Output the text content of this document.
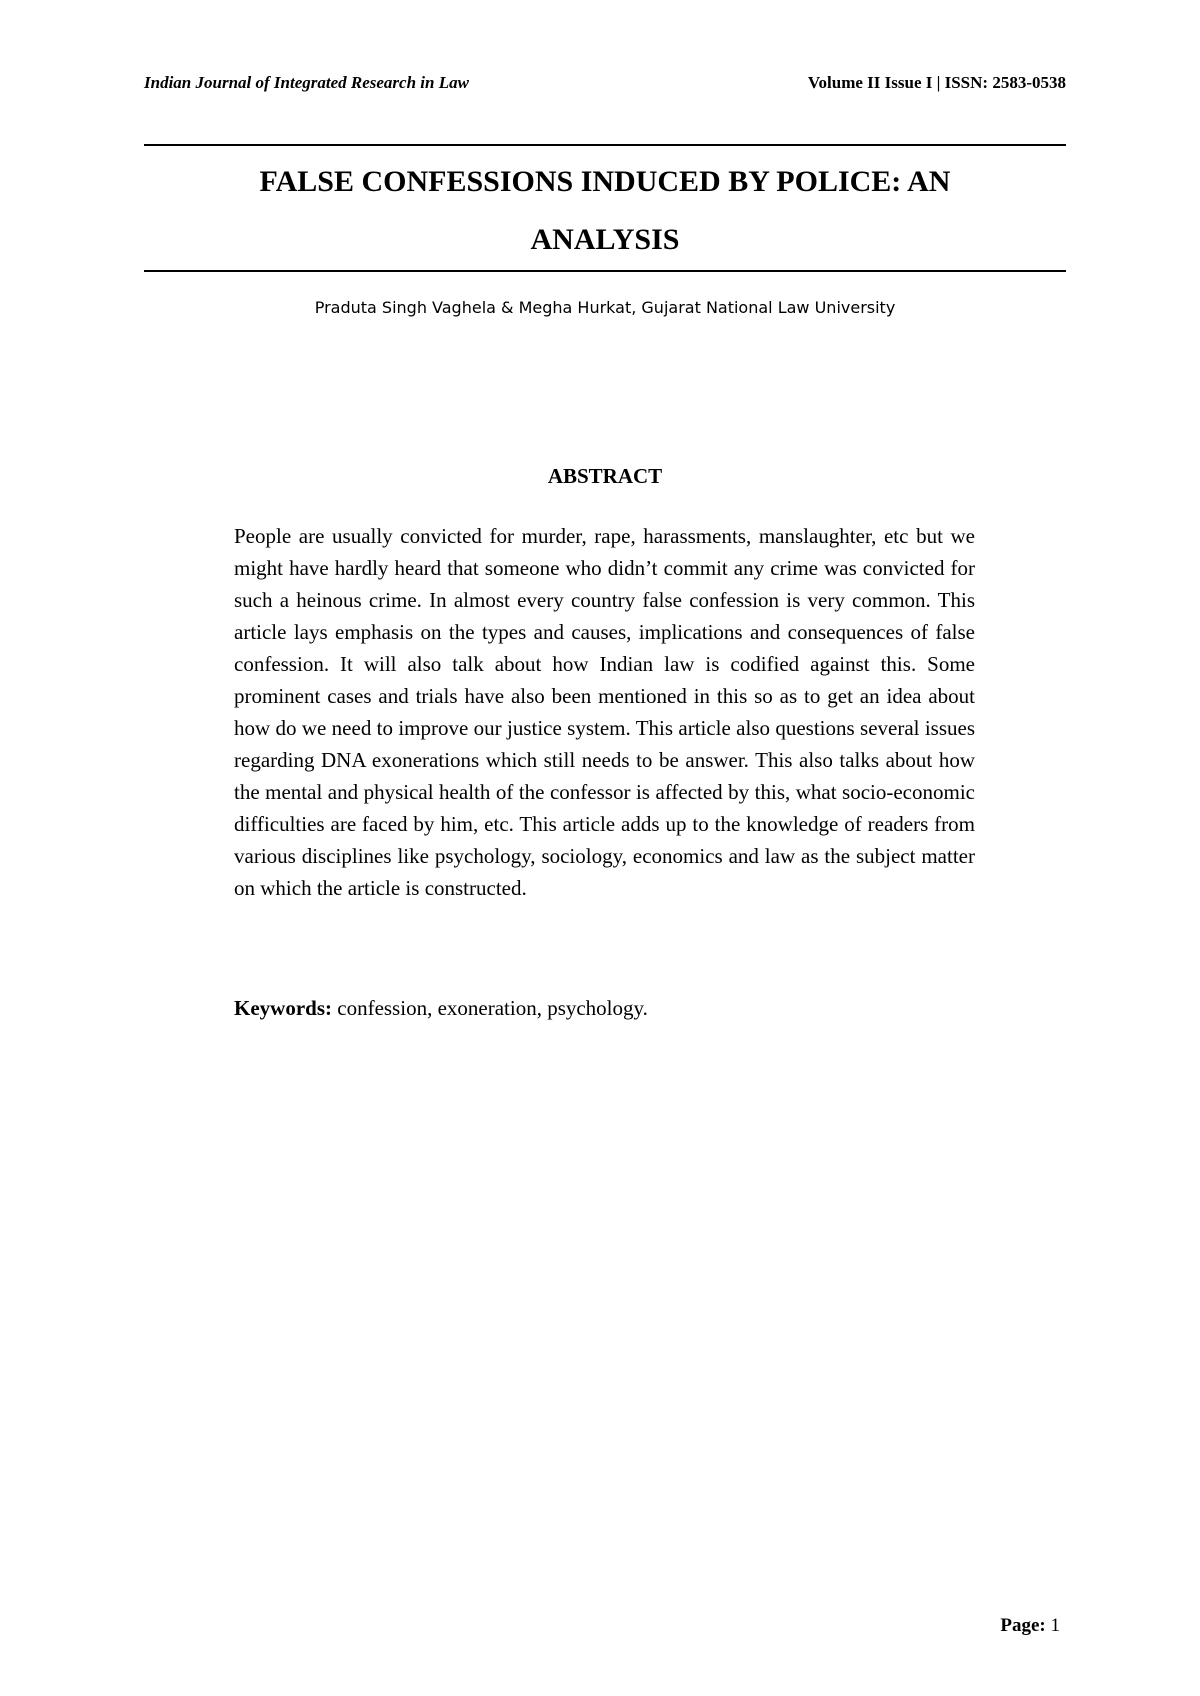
Indian Journal of Integrated Research in Law	Volume II Issue I | ISSN: 2583-0538
FALSE CONFESSIONS INDUCED BY POLICE: AN
ANALYSIS
Praduta Singh Vaghela & Megha Hurkat, Gujarat National Law University
ABSTRACT

People are usually convicted for murder, rape, harassments, manslaughter, etc but we might have hardly heard that someone who didn’t commit any crime was convicted for such a heinous crime. In almost every country false confession is very common. This article lays emphasis on the types and causes, implications and consequences of false confession. It will also talk about how Indian law is codified against this. Some prominent cases and trials have also been mentioned in this so as to get an idea about how do we need to improve our justice system. This article also questions several issues regarding DNA exonerations which still needs to be answer. This also talks about how the mental and physical health of the confessor is affected by this, what socio-economic difficulties are faced by him, etc. This article adds up to the knowledge of readers from various disciplines like psychology, sociology, economics and law as the subject matter on which the article is constructed.

Keywords: confession, exoneration, psychology.

Page: 1
